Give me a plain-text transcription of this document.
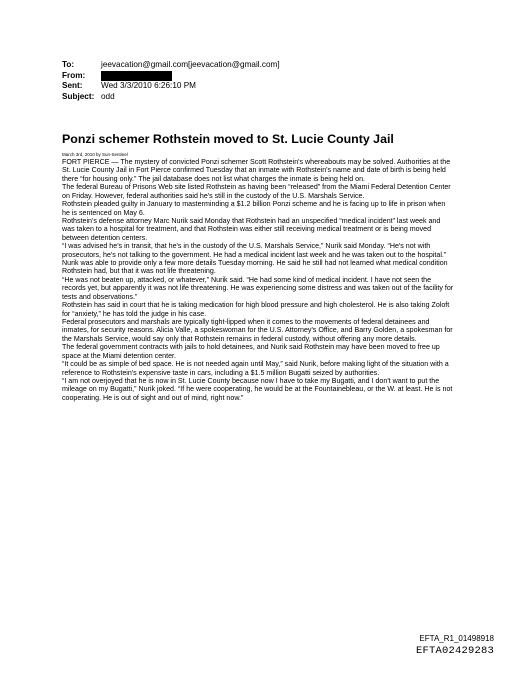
To:	jeevacation@gmail.com[jeevacation@gmail.com]
From:
Sent:	Wed 3/3/2010 6:26:10 PM
Subject: odd
Ponzi schemer Rothstein moved to St. Lucie County Jail
March 3rd, 2010 by Sun-Sentinel

FORT PIERCE — The mystery of convicted Ponzi schemer Scott Rothstein's whereabouts may be solved. Authorities at the St. Lucie County Jail in Fort Pierce confirmed Tuesday that an inmate with Rothstein's name and date of birth is being held there “for housing only.” The jail database does not list what charges the inmate is being held on.

The federal Bureau of Prisons Web site listed Rothstein as having been “released” from the Miami Federal Detention Center on Friday. However, federal authorities said he's still in the custody of the U.S. Marshals Service.

Rothstein pleaded guilty in January to masterminding a $1.2 billion Ponzi scheme and he is facing up to life in prison when he is sentenced on May 6.

Rothstein's defense attorney Marc Nurik said Monday that Rothstein had an unspecified “medical incident” last week and was taken to a hospital for treatment, and that Rothstein was either still receiving medical treatment or is being moved between detention centers.

“I was advised he's in transit, that he's in the custody of the U.S. Marshals Service,” Nurik said Monday. “He's not with prosecutors, he's not talking to the government. He had a medical incident last week and he was taken out to the hospital.”

Nurik was able to provide only a few more details Tuesday morning. He said he still had not learned what medical condition Rothstein had, but that it was not life threatening.

“He was not beaten up, attacked, or whatever,” Nurik said. “He had some kind of medical incident. I have not seen the records yet, but apparently it was not life threatening. He was experiencing some distress and was taken out of the facility for tests and observations.”

Rothstein has said in court that he is taking medication for high blood pressure and high cholesterol. He is also taking Zoloft for “anxiety,” he has told the judge in his case.

Federal prosecutors and marshals are typically tight-lipped when it comes to the movements of federal detainees and inmates, for security reasons. Alicia Valle, a spokeswoman for the U.S. Attorney's Office, and Barry Golden, a spokesman for the Marshals Service, would say only that Rothstein remains in federal custody, without offering any more details.

The federal government contracts with jails to hold detainees, and Nurik said Rothstein may have been moved to free up space at the Miami detention center.

“It could be as simple of bed space. He is not needed again until May,” said Nurik, before making light of the situation with a reference to Rothstein's expensive taste in cars, including a $1.5 million Bugatti seized by authorities.

“I am not overjoyed that he is now in St. Lucie County because now I have to take my Bugatti, and I don't want to put the mileage on my Bugatti,” Nurik joked. “If he were cooperating, he would be at the Fountainebleau, or the W. at least. He is not cooperating. He is out of sight and out of mind, right now.”

EFTA_R1_01498918
EFTA02429283
